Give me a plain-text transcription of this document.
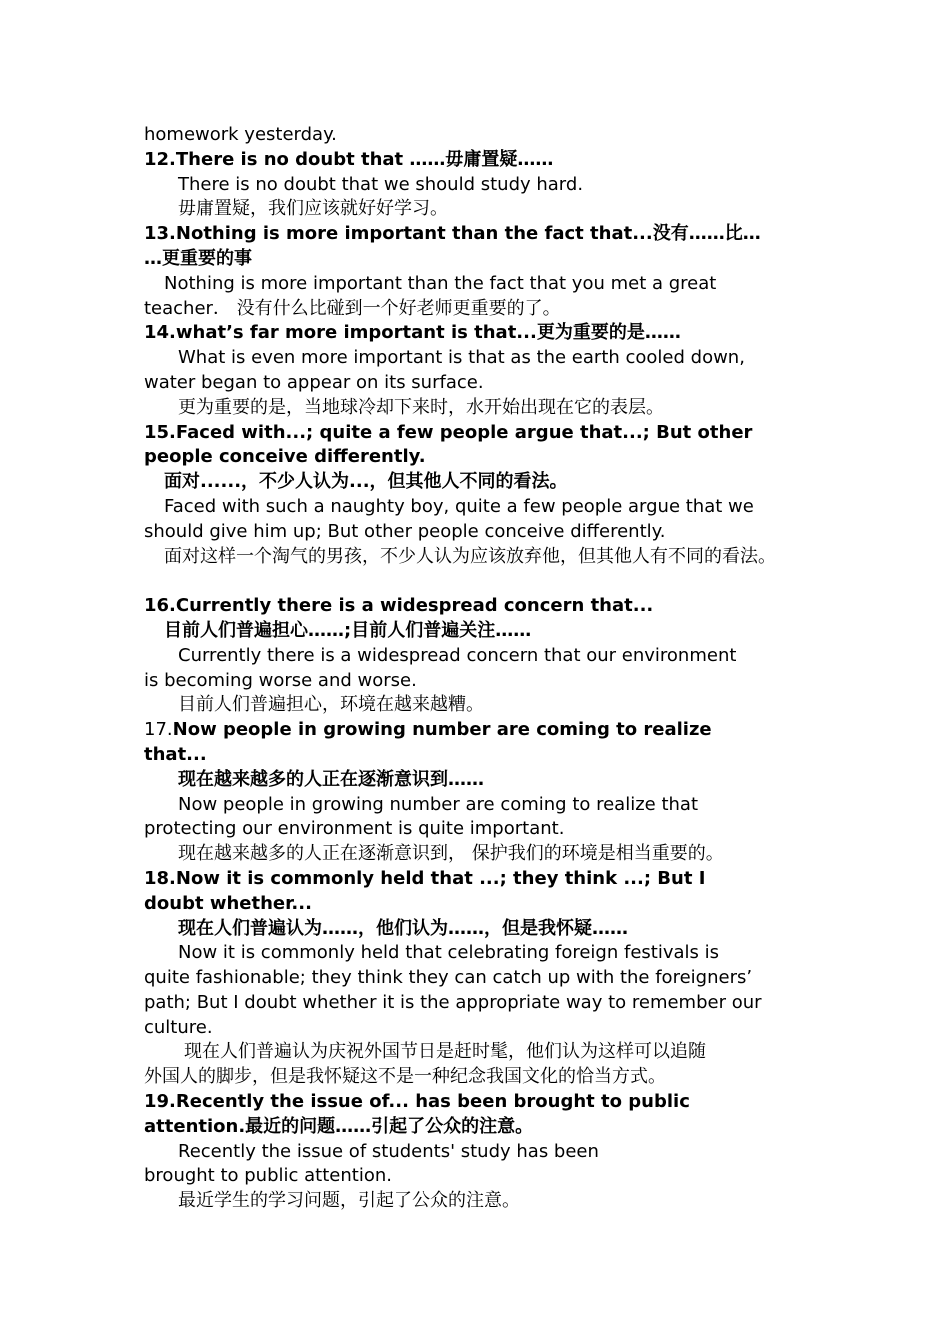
homework yesterday.
12.There is no doubt that ……毋庸置疑……
There is no doubt that we should study hard.
毋庸置疑，我们应该就好好学习。
13.Nothing is more important than the fact that...没有……比…
…更重要的事
Nothing is more important than the fact that you met a great
teacher． 没有什么比碰到一个好老师更重要的了。
14.what’s far more important is that...更为重要的是……
What is even more important is that as the earth cooled down,
water began to appear on its surface.
更为重要的是，当地球冷却下来时，水开始出现在它的表层。
15.Faced with...; quite a few people argue that...; But other
people conceive differently.
面对......，不少人认为...，但其他人不同的看法。
Faced with such a naughty boy, quite a few people argue that we
should give him up; But other people conceive differently.
面对这样一个淘气的男孩，不少人认为应该放弃他，但其他人有不同的看法。
16.Currently there is a widespread concern that...
目前人们普遍担心……;目前人们普遍关注……
Currently there is a widespread concern that our environment
is becoming worse and worse.
目前人们普遍担心，环境在越来越糟。
17.Now people in growing number are coming to realize
that...
现在越来越多的人正在逐渐意识到……
Now people in growing number are coming to realize that
protecting our environment is quite important.
现在越来越多的人正在逐渐意识到， 保护我们的环境是相当重要的。
18.Now it is commonly held that ...; they think ...; But I
doubt whether...
现在人们普遍认为……，他们认为……，但是我怀疑……
Now it is commonly held that celebrating foreign festivals is
quite fashionable; they think they can catch up with the foreigners’
path; But I doubt whether it is the appropriate way to remember our
culture.
现在人们普遍认为庆祝外国节日是赶时髦，他们认为这样可以追随
外国人的脚步，但是我怀疑这不是一种纪念我国文化的恰当方式。
19.Recently the issue of... has been brought to public
attention.最近的问题……引起了公众的注意。
Recently the issue of students' study has been
brought to public attention.
最近学生的学习问题，引起了公众的注意。
